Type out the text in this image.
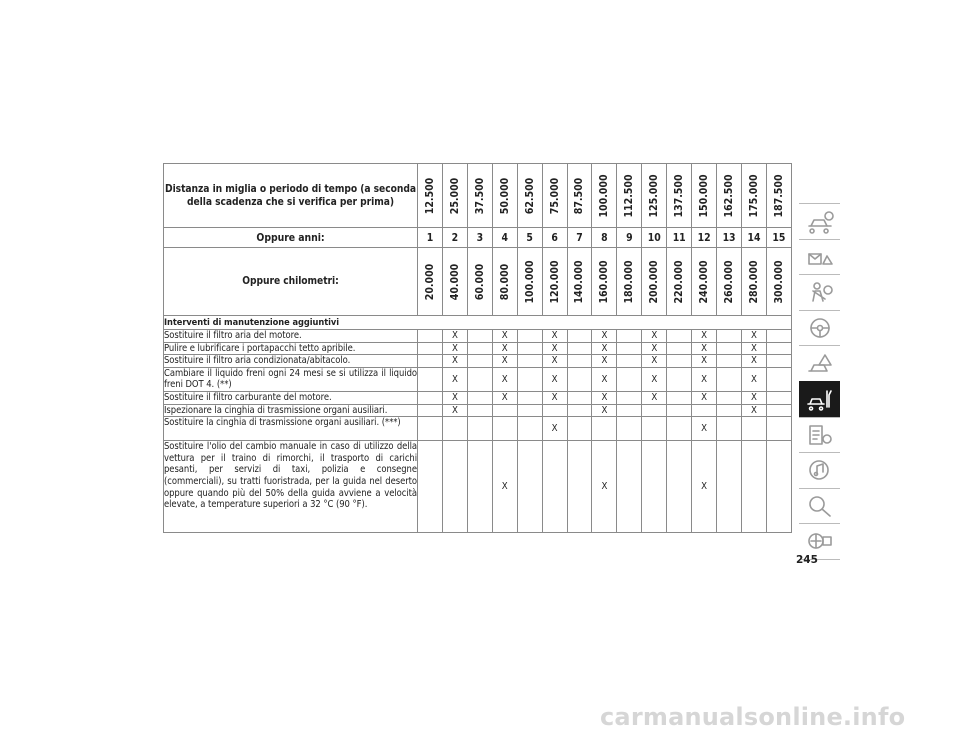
Distanza in miglia o periodo di tempo (a seconda della scadenza che si verifica per prima)	12.500	25.000	37.500	50.000	62.500	75.000	87.500	100.000	112.500	125.000	137.500	150.000	162.500	175.000	187.500

Oppure anni:	1	2	3	4	5	6	7	8	9	10	11	12	13	14	15
Oppure chilometri:	20.000	40.000	60.000	80.000	100.000	120.000	140.000	160.000	180.000	200.000	220.000	240.000	260.000	280.000	300.000

Interventi di manutenzione aggiuntivi															
Sostituire il filtro aria del motore.		X		X		X		X		X		X		X	
Pulire e lubrificare i portapacchi tetto apribile.		X		X		X		X		X		X		X	
Sostituire il filtro aria condizionata/abitacolo.		X		X		X		X		X		X		X	
Cambiare il liquido freni ogni 24 mesi se si utilizza il liquido freni DOT 4. (**)		X		X		X		X		X		X		X	
Sostituire il filtro carburante del motore.		X		X		X		X		X		X		X	
Ispezionare la cinghia di trasmissione organi ausiliari.		X						X						X	
Sostituire la cinghia di trasmissione organi ausiliari. (***)						X						X			
Sostituire l'olio del cambio manuale in caso di utilizzo della vettura per il traino di rimorchi, il trasporto di carichi pesanti, per servizi di taxi, polizia e consegne (commerciali), su tratti fuoristrada, per la guida nel deserto oppure quando più del 50% della guida avviene a velocità elevate, a temperature superiori a 32 °C (90 °F).				X				X				X			
245
carmanualsonline.info
